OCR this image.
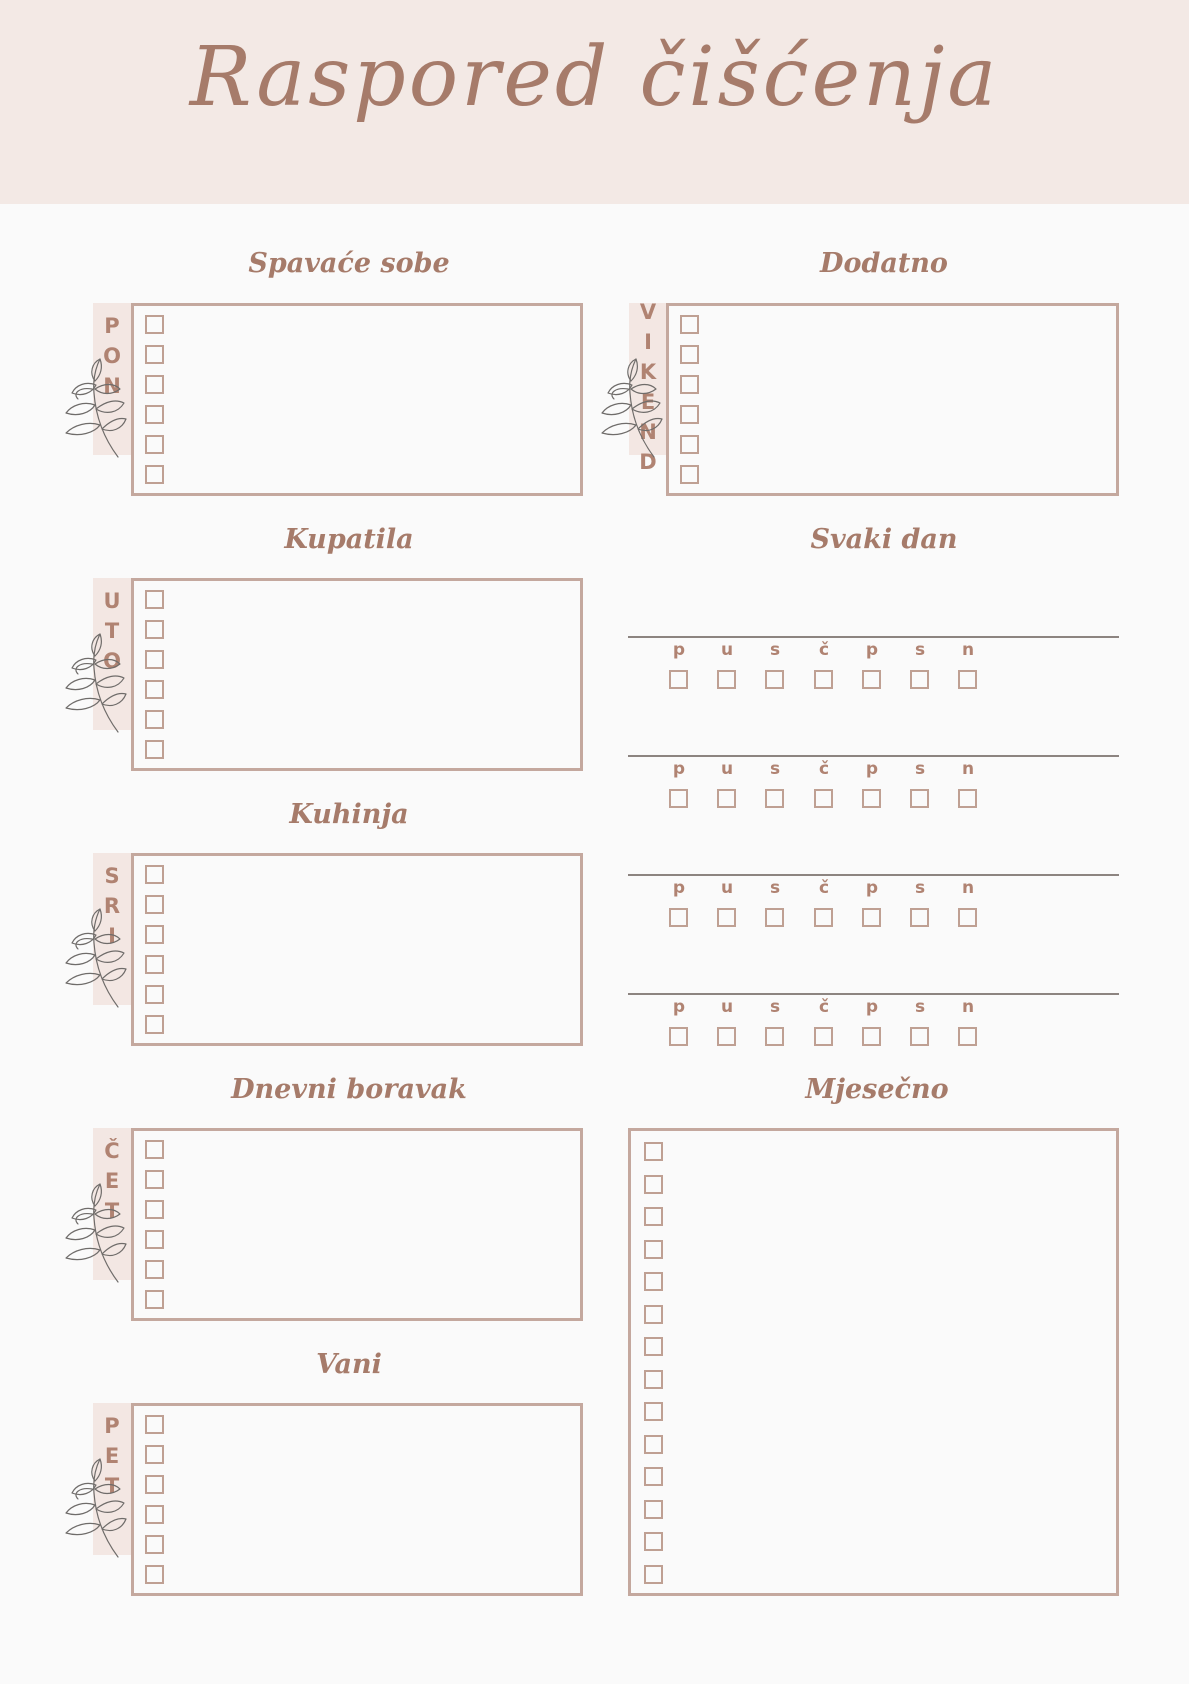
Raspored čišćenja
Spavaće sobe
P
O
N
Kupatila
U
T
O
Kuhinja
S
R
I
Dnevni boravak
Č
E
T
Vani
P
E
T
Dodatno
V
I
K
E
N
D
Svaki dan
p u s č p s n
p u s č p s n
p u s č p s n
p u s č p s n
Mjesečno
